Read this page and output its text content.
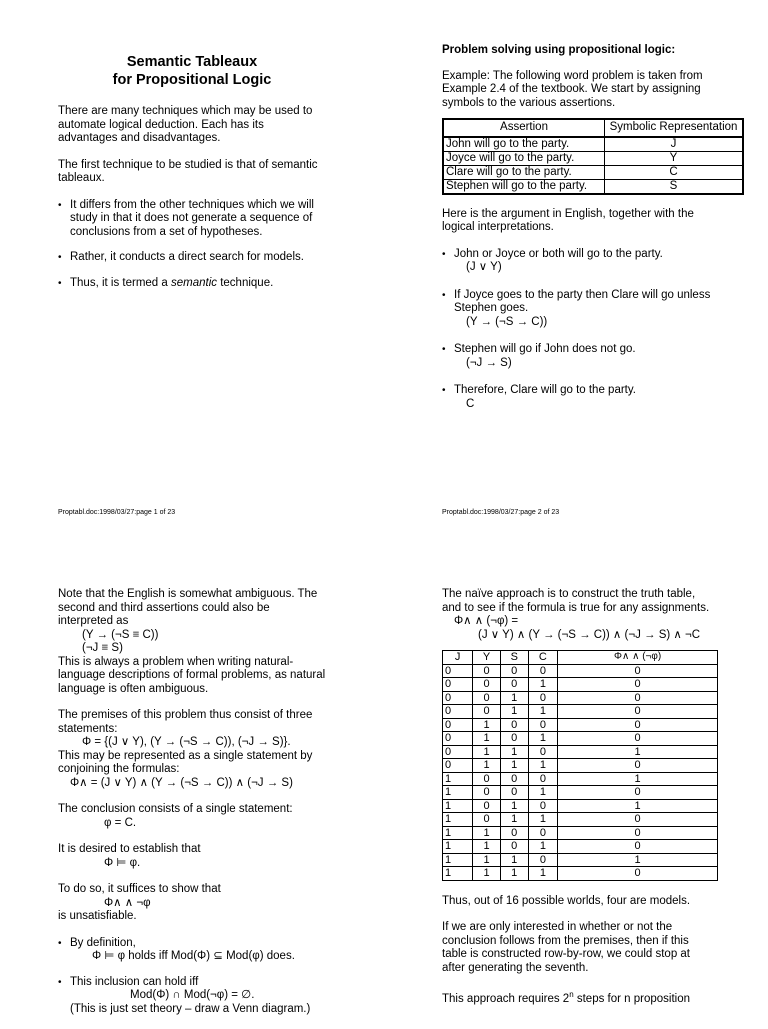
Semantic Tableaux
for Propositional Logic

There are many techniques which may be used to automate logical deduction. Each has its advantages and disadvantages.

The first technique to be studied is that of semantic tableaux.

• It differs from the other techniques which we will study in that it does not generate a sequence of conclusions from a set of hypotheses.
• Rather, it conducts a direct search for models.
• Thus, it is termed a semantic technique.
Proptabl.doc:1998/03/27:page 1 of 23

Problem solving using propositional logic:

Example: The following word problem is taken from Example 2.4 of the textbook. We start by assigning symbols to the various assertions.

Assertion	Symbolic Representation
John will go to the party.	J
Joyce will go to the party.	Y
Clare will go to the party.	C
Stephen will go to the party.	S

Here is the argument in English, together with the logical interpretations.

• John or Joyce or both will go to the party.
(J ∨ Y)
• If Joyce goes to the party then Clare will go unless Stephen goes.
(Y → (¬S → C))
• Stephen will go if John does not go.
(¬J → S)
• Therefore, Clare will go to the party.
C
Proptabl.doc:1998/03/27:page 2 of 23

Note that the English is somewhat ambiguous. The second and third assertions could also be interpreted as

(Y → (¬S ≡ C))
(¬J ≡ S)

This is always a problem when writing natural-language descriptions of formal problems, as natural language is often ambiguous.

The premises of this problem thus consist of three statements:

Φ = {(J ∨ Y), (Y → (¬S → C)), (¬J → S)}.

This may be represented as a single statement by conjoining the formulas:

Φ∧ = (J ∨ Y) ∧ (Y → (¬S → C)) ∧ (¬J → S)

The conclusion consists of a single statement:

φ = C.

It is desired to establish that

Φ ⊨ φ.

To do so, it suffices to show that

Φ∧ ∧ ¬φ

is unsatisfiable.

• By definition,
Φ ⊨ φ holds iff Mod(Φ) ⊆ Mod(φ) does.
• This inclusion can hold iff
Mod(Φ) ∩ Mod(¬φ) = ∅.
(This is just set theory – draw a Venn diagram.)

The naïve approach is to construct the truth table, and to see if the formula is true for any assignments.

Φ∧ ∧ (¬φ) =
(J ∨ Y) ∧ (Y → (¬S → C)) ∧ (¬J → S) ∧ ¬C
J	Y	S	C	Φ∧ ∧ (¬φ)
0	0	0	0	0
0	0	0	1	0
0	0	1	0	0
0	0	1	1	0
0	1	0	0	0
0	1	0	1	0
0	1	1	0	1
0	1	1	1	0
1	0	0	0	1
1	0	0	1	0
1	0	1	0	1
1	0	1	1	0
1	1	0	0	0
1	1	0	1	0
1	1	1	0	1
1	1	1	1	0

Thus, out of 16 possible worlds, four are models.

If we are only interested in whether or not the conclusion follows from the premises, then if this table is constructed row-by-row, we could stop at after generating the seventh.

This approach requires 2$^n$ steps for n proposition
